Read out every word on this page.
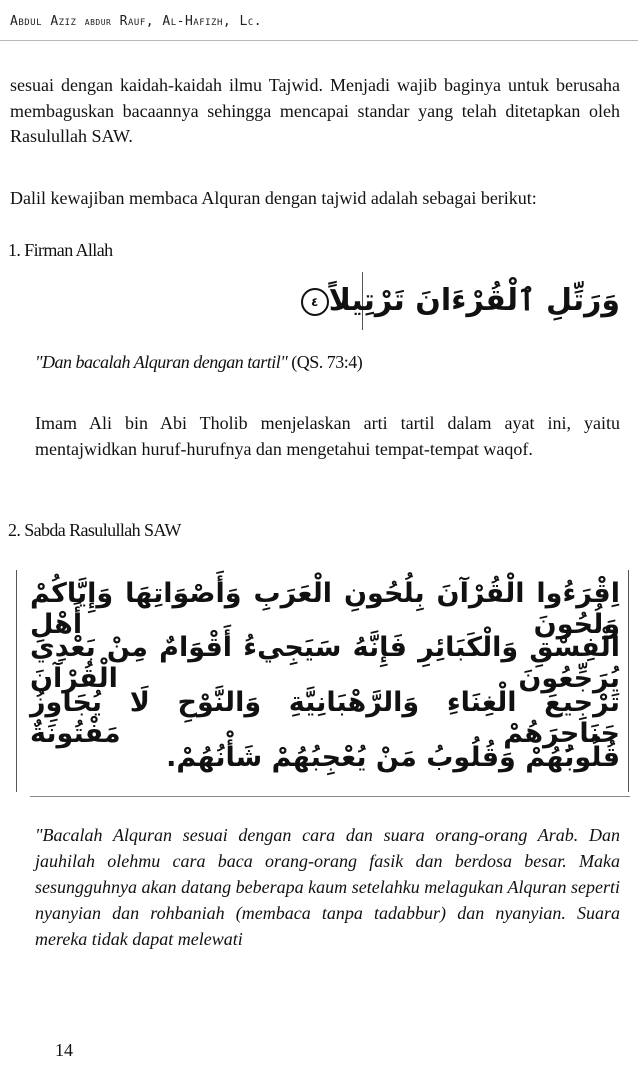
Abdul Aziz abdur Rauf, Al-Hafizh, Lc.
sesuai dengan kaidah-kaidah ilmu Tajwid. Menjadi wajib baginya untuk berusaha membaguskan bacaannya sehingga mencapai standar yang telah ditetapkan oleh Rasulullah SAW.
Dalil kewajiban membaca Alquran dengan tajwid adalah sebagai berikut:
1. Firman Allah
وَرَتِّلِ ٱلْقُرْءَانَ تَرْتِيلاً٤
"Dan bacalah Alquran dengan tartil" (QS. 73:4)
Imam Ali bin Abi Tholib menjelaskan arti tartil dalam ayat ini, yaitu mentajwidkan huruf-hurufnya dan mengetahui tempat-tempat waqof.
2. Sabda Rasulullah SAW
اِقْرَءُوا الْقُرْآنَ بِلُحُونِ الْعَرَبِ وَأَصْوَاتِهَا وَإِيَّاكُمْ وَلُحُونَ أَهْلِ
الْفِسْقِ وَالْكَبَائِرِ فَإِنَّهُ سَيَجِيءُ أَقْوَامٌ مِنْ بَعْدِي يُرَجِّعُونَ الْقُرْآنَ
تَرْجِيعَ الْغِنَاءِ وَالرَّهْبَانِيَّةِ وَالنَّوْحِ لَا يُجَاوِزُ حَنَاجِرَهُمْ مَفْتُونَةٌ
قُلُوبُهُمْ وَقُلُوبُ مَنْ يُعْجِبُهُمْ شَأْنُهُمْ.
"Bacalah Alquran sesuai dengan cara dan suara orang-orang Arab. Dan jauhilah olehmu cara baca orang-orang fasik dan berdosa besar. Maka sesungguhnya akan datang beberapa kaum setelahku melagukan Alquran seperti nyanyian dan rohbaniah (membaca tanpa tadabbur) dan nyanyian. Suara mereka tidak dapat melewati
14
